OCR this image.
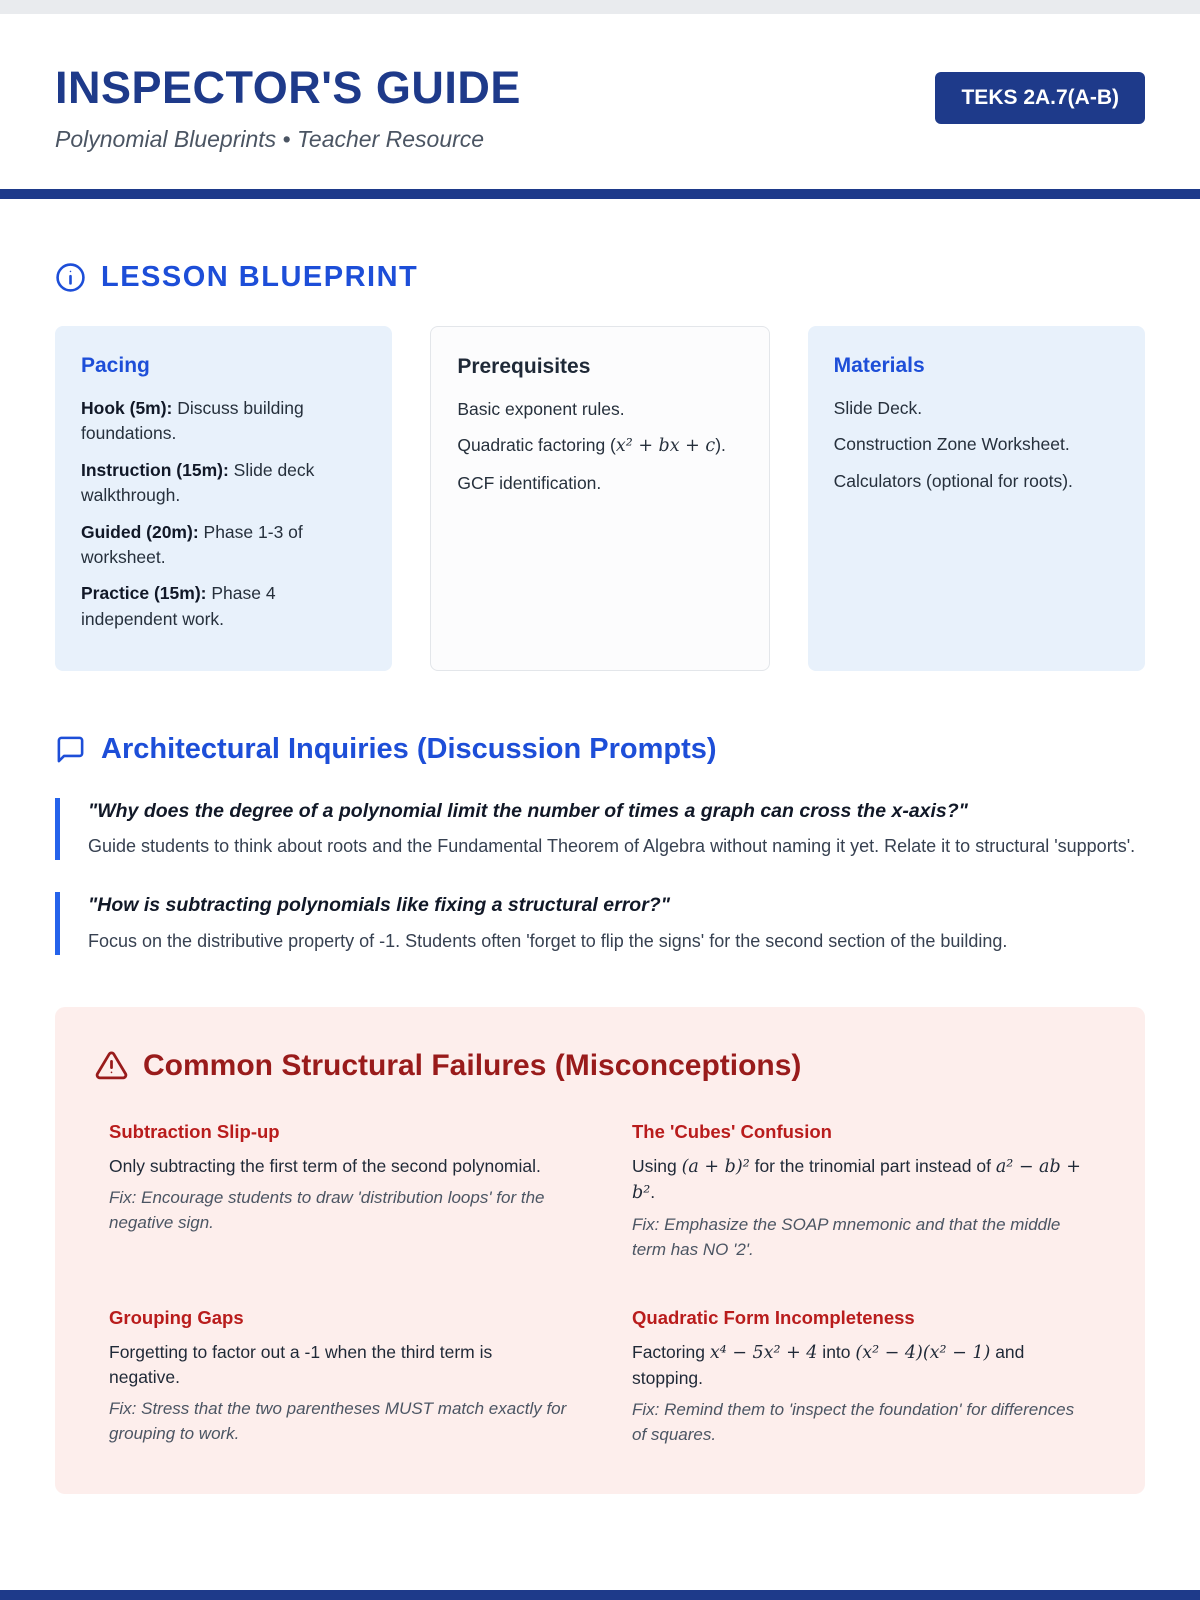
INSPECTOR'S GUIDE
Polynomial Blueprints • Teacher Resource
TEKS 2A.7(A-B)
LESSON BLUEPRINT
Pacing

Hook (5m): Discuss building foundations.

Instruction (15m): Slide deck walkthrough.

Guided (20m): Phase 1-3 of worksheet.

Practice (15m): Phase 4 independent work.

Prerequisites

Basic exponent rules.

Quadratic factoring (x² + bx + c).

GCF identification.

Materials

Slide Deck.

Construction Zone Worksheet.

Calculators (optional for roots).

Architectural Inquiries (Discussion Prompts)

"Why does the degree of a polynomial limit the number of times a graph can cross the x-axis?"

Guide students to think about roots and the Fundamental Theorem of Algebra without naming it yet. Relate it to structural 'supports'.

"How is subtracting polynomials like fixing a structural error?"

Focus on the distributive property of -1. Students often 'forget to flip the signs' for the second section of the building.

Common Structural Failures (Misconceptions)
Subtraction Slip-up

Only subtracting the first term of the second polynomial.

Fix: Encourage students to draw 'distribution loops' for the negative sign.

The 'Cubes' Confusion

Using (a + b)² for the trinomial part instead of a² − ab + b².

Fix: Emphasize the SOAP mnemonic and that the middle term has NO '2'.

Grouping Gaps

Forgetting to factor out a -1 when the third term is negative.

Fix: Stress that the two parentheses MUST match exactly for grouping to work.

Quadratic Form Incompleteness

Factoring x⁴ − 5x² + 4 into (x² − 4)(x² − 1) and stopping.

Fix: Remind them to 'inspect the foundation' for differences of squares.
